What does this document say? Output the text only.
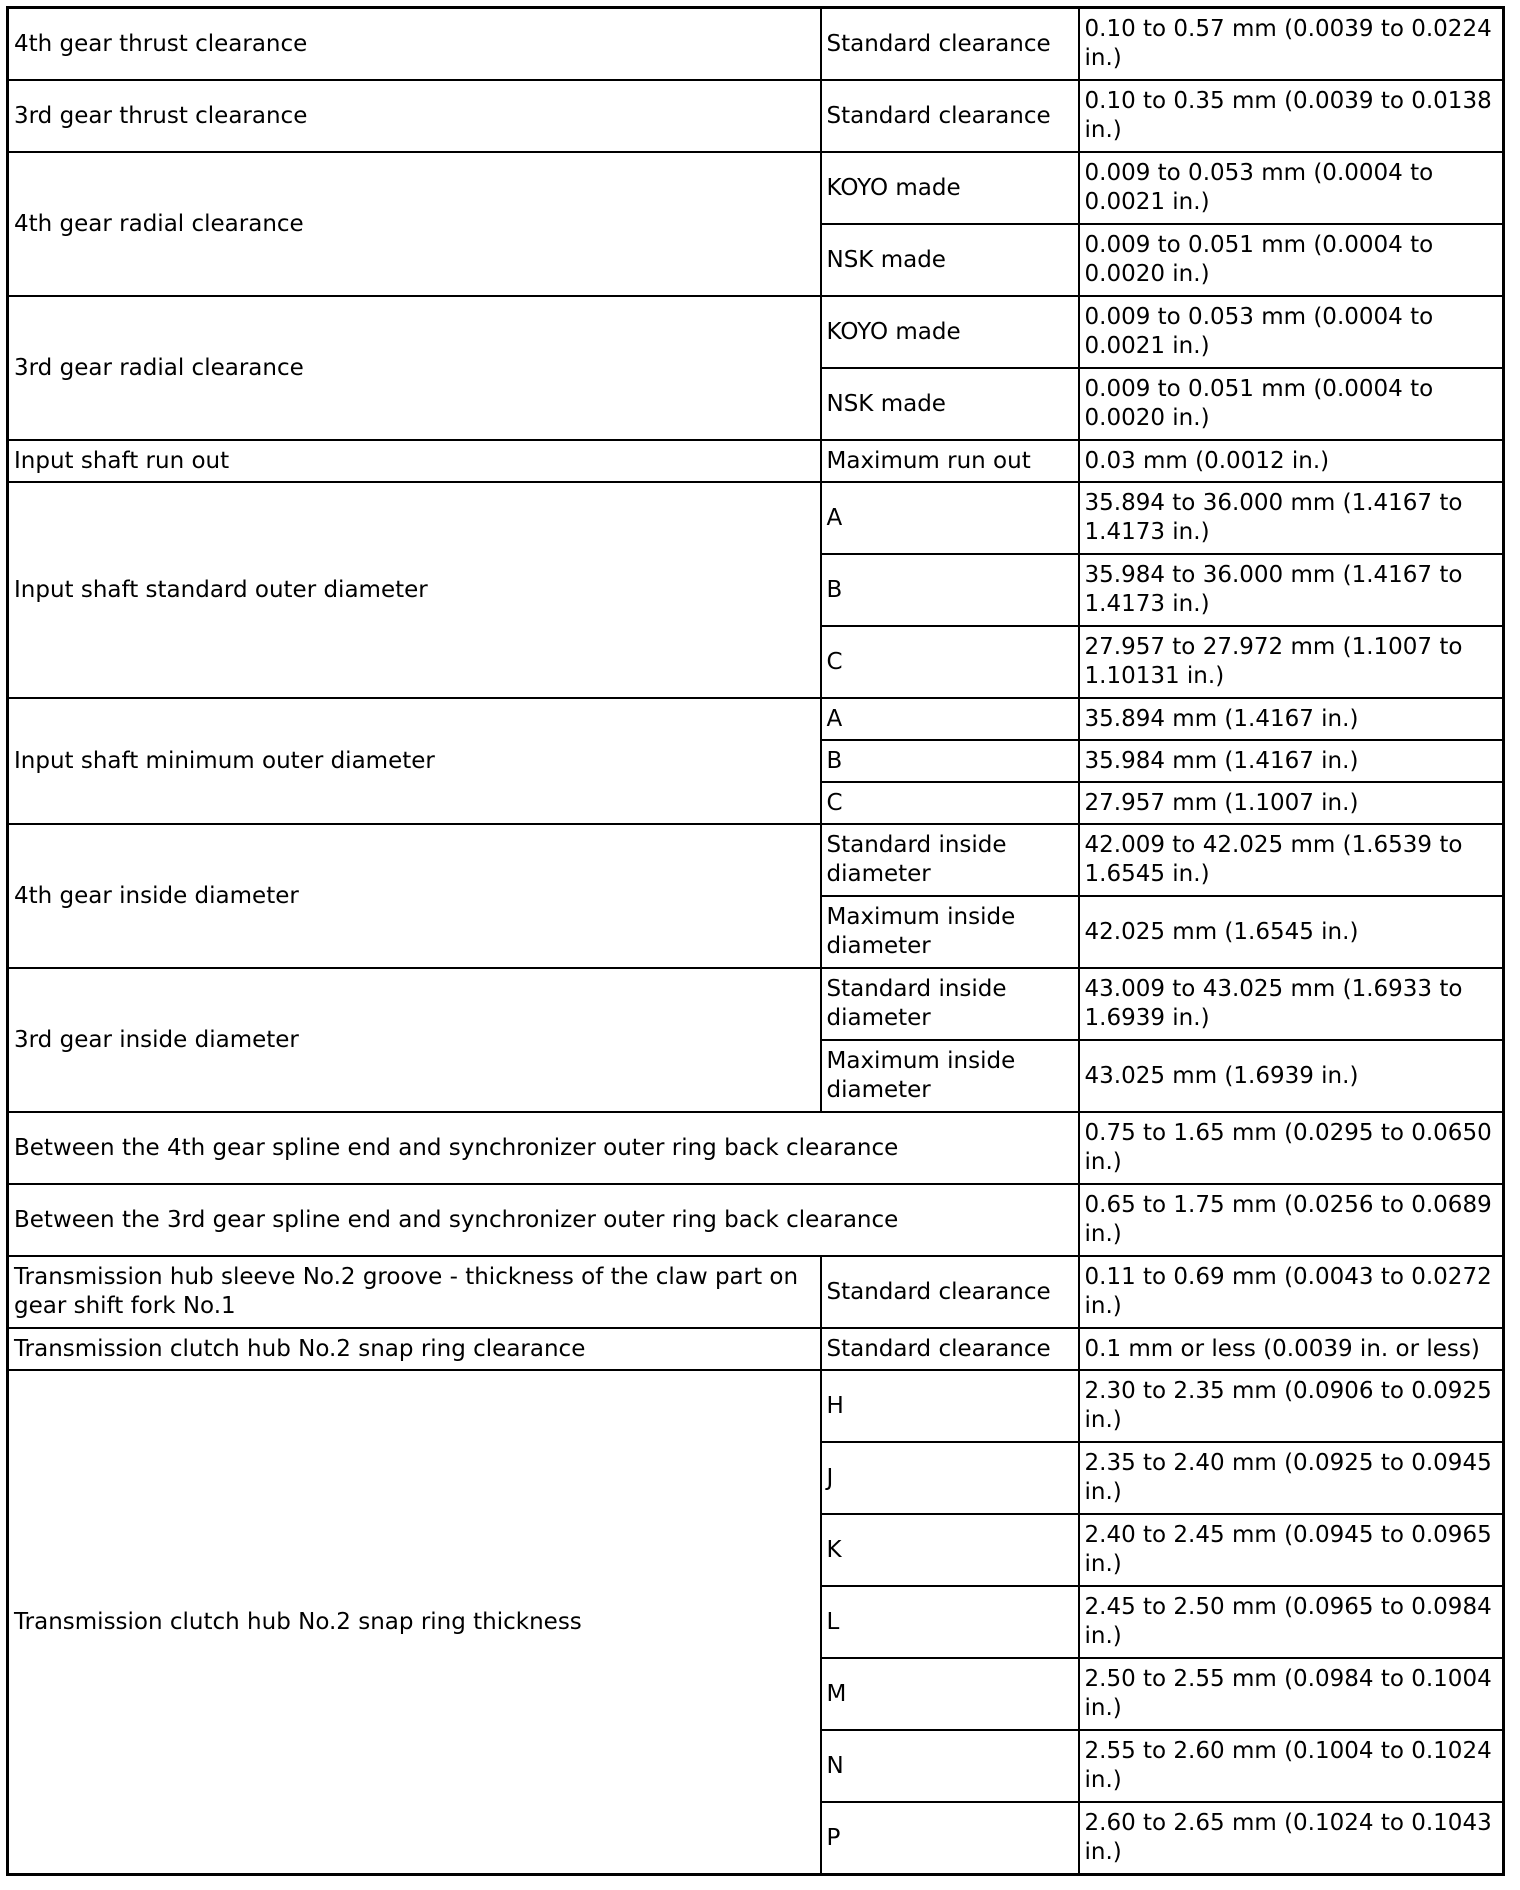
4th gear thrust clearance	Standard clearance	0.10 to 0.57 mm (0.0039 to 0.0224 in.)
3rd gear thrust clearance	Standard clearance	0.10 to 0.35 mm (0.0039 to 0.0138 in.)
4th gear radial clearance	KOYO made	0.009 to 0.053 mm (0.0004 to 0.0021 in.)
	NSK made	0.009 to 0.051 mm (0.0004 to 0.0020 in.)
3rd gear radial clearance	KOYO made	0.009 to 0.053 mm (0.0004 to 0.0021 in.)
	NSK made	0.009 to 0.051 mm (0.0004 to 0.0020 in.)
Input shaft run out	Maximum run out	0.03 mm (0.0012 in.)
Input shaft standard outer diameter	A	35.894 to 36.000 mm (1.4167 to 1.4173 in.)
	B	35.984 to 36.000 mm (1.4167 to 1.4173 in.)
	C	27.957 to 27.972 mm (1.1007 to 1.10131 in.)
Input shaft minimum outer diameter	A	35.894 mm (1.4167 in.)
	B	35.984 mm (1.4167 in.)
	C	27.957 mm (1.1007 in.)
4th gear inside diameter	Standard inside diameter	42.009 to 42.025 mm (1.6539 to 1.6545 in.)
	Maximum inside diameter	42.025 mm (1.6545 in.)
3rd gear inside diameter	Standard inside diameter	43.009 to 43.025 mm (1.6933 to 1.6939 in.)
	Maximum inside diameter	43.025 mm (1.6939 in.)
Between the 4th gear spline end and synchronizer outer ring back clearance		0.75 to 1.65 mm (0.0295 to 0.0650 in.)
Between the 3rd gear spline end and synchronizer outer ring back clearance		0.65 to 1.75 mm (0.0256 to 0.0689 in.)
Transmission hub sleeve No.2 groove - thickness of the claw part on gear shift fork No.1	Standard clearance	0.11 to 0.69 mm (0.0043 to 0.0272 in.)
Transmission clutch hub No.2 snap ring clearance	Standard clearance	0.1 mm or less (0.0039 in. or less)
Transmission clutch hub No.2 snap ring thickness	H	2.30 to 2.35 mm (0.0906 to 0.0925 in.)
	J	2.35 to 2.40 mm (0.0925 to 0.0945 in.)
	K	2.40 to 2.45 mm (0.0945 to 0.0965 in.)
	L	2.45 to 2.50 mm (0.0965 to 0.0984 in.)
	M	2.50 to 2.55 mm (0.0984 to 0.1004 in.)
	N	2.55 to 2.60 mm (0.1004 to 0.1024 in.)
	P	2.60 to 2.65 mm (0.1024 to 0.1043 in.)
